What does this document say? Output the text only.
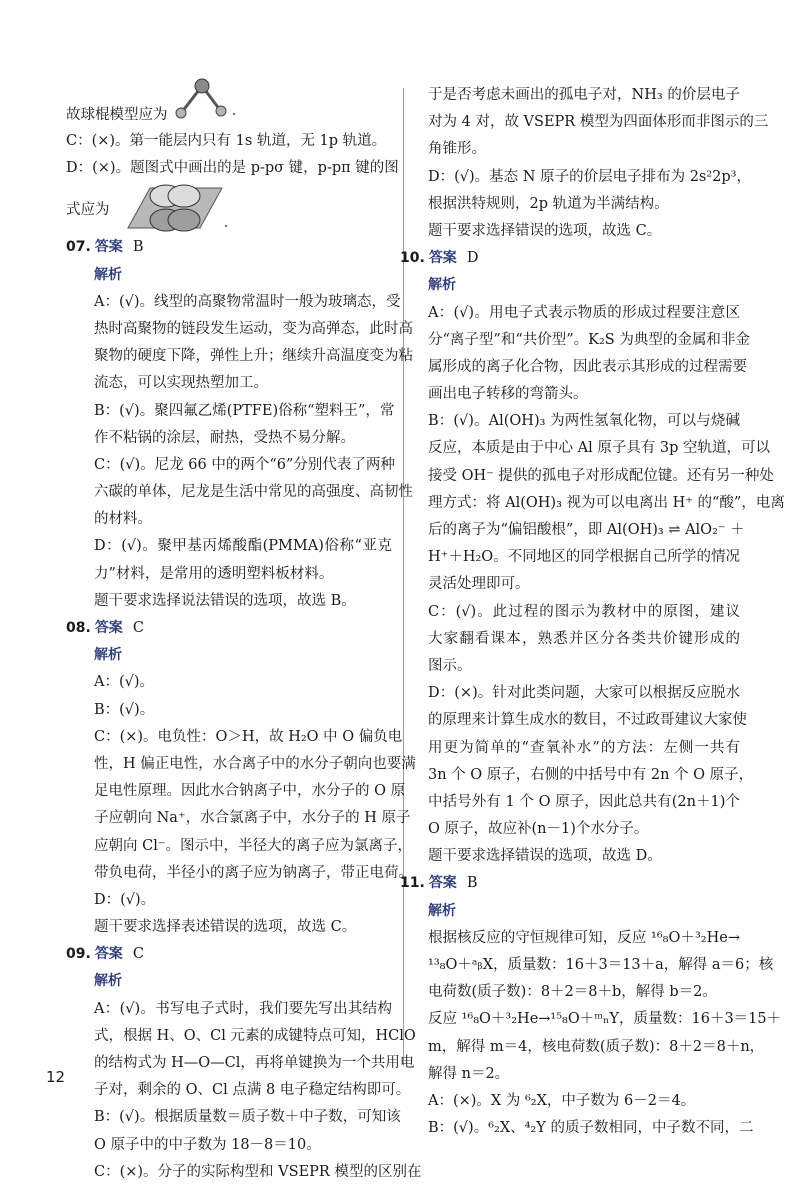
故球棍模型应为
C：(×)。第一能层内只有 1s 轨道，无 1p 轨道。
D：(×)。题图式中画出的是 p-pσ 键，p-pπ 键的图
式应为
07. 答案 B
解析
A：(√)。线型的高聚物常温时一般为玻璃态，受
热时高聚物的链段发生运动，变为高弹态，此时高
聚物的硬度下降，弹性上升；继续升高温度变为粘
流态，可以实现热塑加工。
B：(√)。聚四氟乙烯(PTFE)俗称“塑料王”，常
作不粘锅的涂层，耐热，受热不易分解。
C：(√)。尼龙 66 中的两个“6”分别代表了两种
六碳的单体，尼龙是生活中常见的高强度、高韧性
的材料。
D：(√)。聚甲基丙烯酸酯(PMMA)俗称“亚克
力”材料，是常用的透明塑料板材料。
题干要求选择说法错误的选项，故选 B。
08. 答案 C
解析
A：(√)。
B：(√)。
C：(×)。电负性：O＞H，故 H₂O 中 O 偏负电
性，H 偏正电性，水合离子中的水分子朝向也要满
足电性原理。因此水合钠离子中，水分子的 O 原
子应朝向 Na⁺，水合氯离子中，水分子的 H 原子
应朝向 Cl⁻。图示中，半径大的离子应为氯离子，
带负电荷，半径小的离子应为钠离子，带正电荷。
D：(√)。
题干要求选择表述错误的选项，故选 C。
09. 答案 C
解析
A：(√)。书写电子式时，我们要先写出其结构
式，根据 H、O、Cl 元素的成键特点可知，HClO
的结构式为 H—O—Cl，再将单键换为一个共用电
子对，剩余的 O、Cl 点满 8 电子稳定结构即可。
B：(√)。根据质量数＝质子数＋中子数，可知该
O 原子中的中子数为 18－8＝10。
C：(×)。分子的实际构型和 VSEPR 模型的区别在
于是否考虑未画出的孤电子对，NH₃ 的价层电子
对为 4 对，故 VSEPR 模型为四面体形而非图示的三
角锥形。
D：(√)。基态 N 原子的价层电子排布为 2s²2p³，
根据洪特规则，2p 轨道为半满结构。
题干要求选择错误的选项，故选 C。
10. 答案 D
解析
A：(√)。用电子式表示物质的形成过程要注意区
分“离子型”和“共价型”。K₂S 为典型的金属和非金
属形成的离子化合物，因此表示其形成的过程需要
画出电子转移的弯箭头。
B：(√)。Al(OH)₃ 为两性氢氧化物，可以与烧碱
反应，本质是由于中心 Al 原子具有 3p 空轨道，可以
接受 OH⁻ 提供的孤电子对形成配位键。还有另一种处
理方式：将 Al(OH)₃ 视为可以电离出 H⁺ 的“酸”，电离
后的离子为“偏铝酸根”，即 Al(OH)₃ ⇌ AlO₂⁻ ＋
H⁺＋H₂O。不同地区的同学根据自己所学的情况
灵活处理即可。
C：(√)。此过程的图示为教材中的原图，建议
大家翻看课本，熟悉并区分各类共价键形成的
图示。
D：(×)。针对此类问题，大家可以根据反应脱水
的原理来计算生成水的数目，不过政哥建议大家使
用更为简单的“查氧补水”的方法：左侧一共有
3n 个 O 原子，右侧的中括号中有 2n 个 O 原子，
中括号外有 1 个 O 原子，因此总共有(2n＋1)个
O 原子，故应补(n－1)个水分子。
题干要求选择错误的选项，故选 D。
11. 答案 B
解析
根据核反应的守恒规律可知，反应 ¹⁶₈O＋³₂He→
¹³₈O＋ᵃᵦX，质量数：16＋3＝13＋a，解得 a＝6；核
电荷数(质子数)：8＋2＝8＋b，解得 b＝2。
反应 ¹⁶₈O＋³₂He→¹⁵₈O＋ᵐₙY，质量数：16＋3＝15＋
m，解得 m＝4，核电荷数(质子数)：8＋2＝8＋n，
解得 n＝2。
A：(×)。X 为 ⁶₂X，中子数为 6－2＝4。
B：(√)。⁶₂X、⁴₂Y 的质子数相同，中子数不同，二
12
